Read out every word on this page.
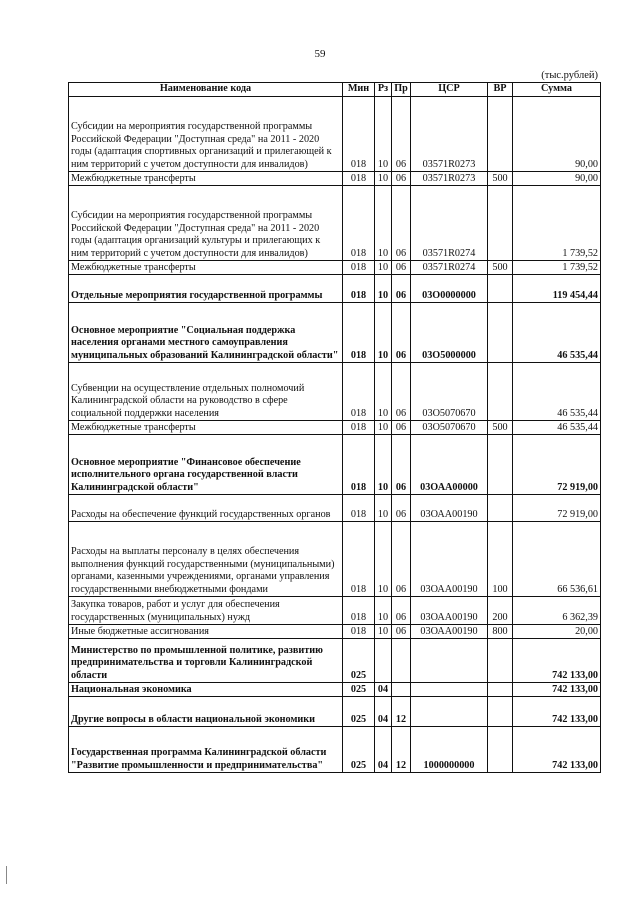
59
(тыс.рублей)
Наименование кода	Мин	Рз	Пр	ЦСР	ВР	Сумма
Субсидии на мероприятия государственной программы Российской Федерации "Доступная среда" на 2011 - 2020 годы (адаптация спортивных организаций и прилегающей к ним территорий с учетом доступности для инвалидов)	018	10	06	03571R0273		90,00
Межбюджетные трансферты	018	10	06	03571R0273	500	90,00
Субсидии на мероприятия государственной программы Российской Федерации "Доступная среда" на 2011 - 2020 годы (адаптация организаций культуры и прилегающих к ним территорий с учетом доступности для инвалидов)	018	10	06	03571R0274		1 739,52
Межбюджетные трансферты	018	10	06	03571R0274	500	1 739,52
Отдельные мероприятия государственной программы	018	10	06	03О0000000		119 454,44
Основное мероприятие "Социальная поддержка населения органами местного самоуправления муниципальных образований Калининградской области"	018	10	06	03О5000000		46 535,44
Субвенции на осуществление отдельных полномочий Калининградской области на руководство в сфере социальной поддержки населения	018	10	06	03О5070670		46 535,44
Межбюджетные трансферты	018	10	06	03О5070670	500	46 535,44
Основное мероприятие "Финансовое обеспечение исполнительного органа государственной власти Калининградской области"	018	10	06	03ОАА00000		72 919,00
Расходы на обеспечение функций государственных органов	018	10	06	03ОАА00190		72 919,00
Расходы на выплаты персоналу в целях обеспечения выполнения функций государственными (муниципальными) органами, казенными учреждениями, органами управления государственными внебюджетными фондами	018	10	06	03ОАА00190	100	66 536,61
Закупка товаров, работ и услуг для обеспечения государственных (муниципальных) нужд	018	10	06	03ОАА00190	200	6 362,39
Иные бюджетные ассигнования	018	10	06	03ОАА00190	800	20,00
Министерство по промышленной политике, развитию предпринимательства и торговли Калининградской области	025					742 133,00
Национальная экономика	025	04				742 133,00
Другие вопросы в области национальной экономики	025	04	12			742 133,00
Государственная программа Калининградской области "Развитие промышленности и предпринимательства"	025	04	12	1000000000		742 133,00
